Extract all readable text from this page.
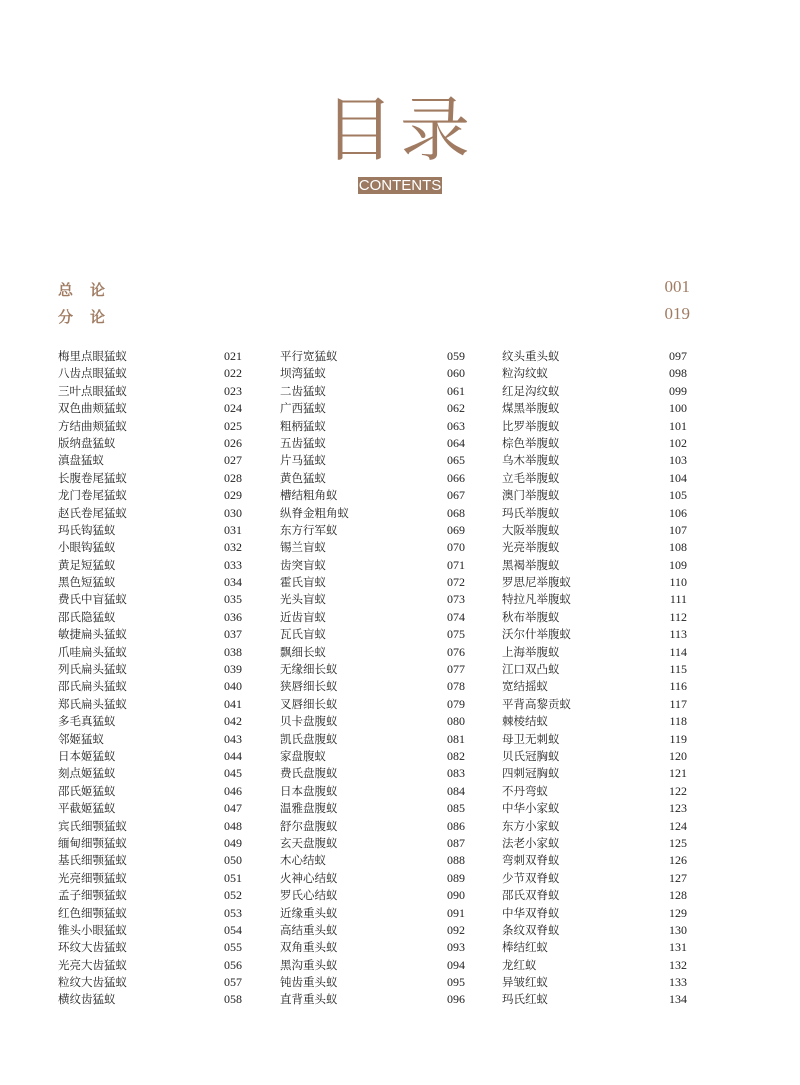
目录
CONTENTS
总论	001
分论	019
梅里点眼猛蚁	021
八齿点眼猛蚁	022
三叶点眼猛蚁	023
双色曲颊猛蚁	024
方结曲颊猛蚁	025
版纳盘猛蚁	026
滇盘猛蚁	027
长腹卷尾猛蚁	028
龙门卷尾猛蚁	029
赵氏卷尾猛蚁	030
玛氏钩猛蚁	031
小眼钩猛蚁	032
黄足短猛蚁	033
黑色短猛蚁	034
费氏中盲猛蚁	035
邵氏隐猛蚁	036
敏捷扁头猛蚁	037
爪哇扁头猛蚁	038
列氏扁头猛蚁	039
邵氏扁头猛蚁	040
郑氏扁头猛蚁	041
多毛真猛蚁	042
邻姬猛蚁	043
日本姬猛蚁	044
刻点姬猛蚁	045
邵氏姬猛蚁	046
平截姬猛蚁	047
宾氏细颚猛蚁	048
缅甸细颚猛蚁	049
基氏细颚猛蚁	050
光亮细颚猛蚁	051
孟子细颚猛蚁	052
红色细颚猛蚁	053
锥头小眼猛蚁	054
环纹大齿猛蚁	055
光亮大齿猛蚁	056
粒纹大齿猛蚁	057
横纹齿猛蚁	058
平行宽猛蚁	059
坝湾猛蚁	060
二齿猛蚁	061
广西猛蚁	062
粗柄猛蚁	063
五齿猛蚁	064
片马猛蚁	065
黄色猛蚁	066
槽结粗角蚁	067
纵脊金粗角蚁	068
东方行军蚁	069
锡兰盲蚁	070
齿突盲蚁	071
霍氏盲蚁	072
光头盲蚁	073
近齿盲蚁	074
瓦氏盲蚁	075
飘细长蚁	076
无缘细长蚁	077
狭唇细长蚁	078
叉唇细长蚁	079
贝卡盘腹蚁	080
凯氏盘腹蚁	081
家盘腹蚁	082
费氏盘腹蚁	083
日本盘腹蚁	084
温雅盘腹蚁	085
舒尔盘腹蚁	086
玄天盘腹蚁	087
木心结蚁	088
火神心结蚁	089
罗氏心结蚁	090
近缘重头蚁	091
高结重头蚁	092
双角重头蚁	093
黑沟重头蚁	094
钝齿重头蚁	095
直背重头蚁	096
纹头重头蚁	097
粒沟纹蚁	098
红足沟纹蚁	099
煤黑举腹蚁	100
比罗举腹蚁	101
棕色举腹蚁	102
乌木举腹蚁	103
立毛举腹蚁	104
澳门举腹蚁	105
玛氏举腹蚁	106
大阪举腹蚁	107
光亮举腹蚁	108
黑褐举腹蚁	109
罗思尼举腹蚁	110
特拉凡举腹蚁	111
秋布举腹蚁	112
沃尔什举腹蚁	113
上海举腹蚁	114
江口双凸蚁	115
宽结摇蚁	116
平背高黎贡蚁	117
棘棱结蚁	118
母卫无刺蚁	119
贝氏冠胸蚁	120
四刺冠胸蚁	121
不丹弯蚁	122
中华小家蚁	123
东方小家蚁	124
法老小家蚁	125
弯刺双脊蚁	126
少节双脊蚁	127
邵氏双脊蚁	128
中华双脊蚁	129
条纹双脊蚁	130
棒结红蚁	131
龙红蚁	132
异皱红蚁	133
玛氏红蚁	134
